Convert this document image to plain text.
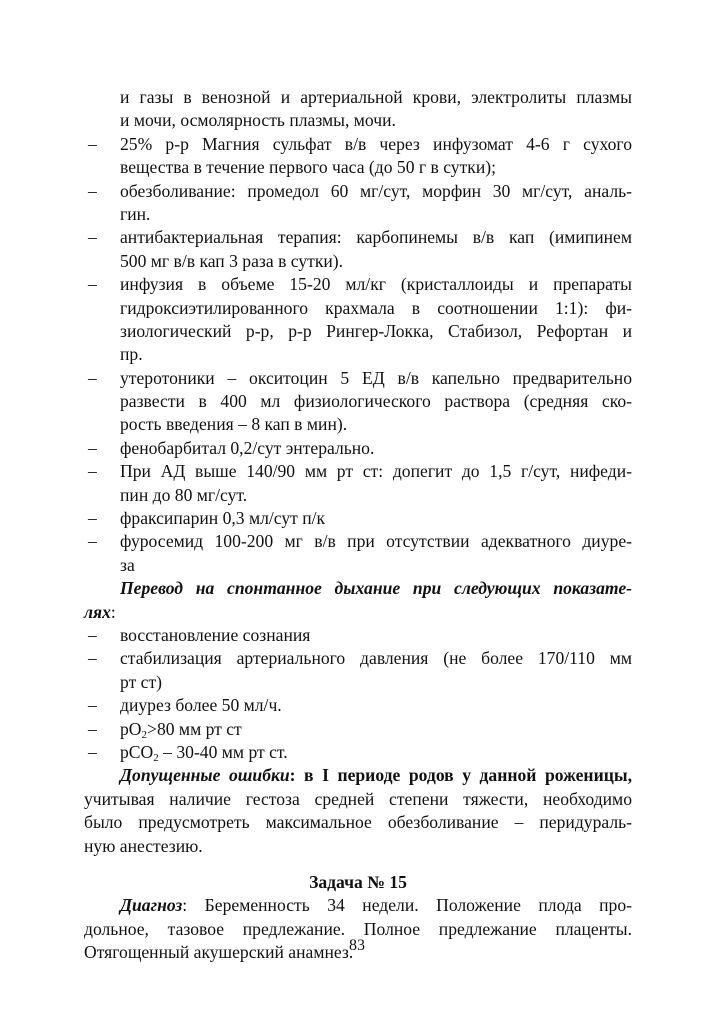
и газы в венозной и артериальной крови, электролиты плазмы
и мочи, осмолярность плазмы, мочи.
– 25% р-р Магния сульфат в/в через инфузомат 4-6 г сухого
вещества в течение первого часа (до 50 г в сутки);
– обезболивание: промедол 60 мг/сут, морфин 30 мг/сут, аналь-
гин.
– антибактериальная терапия: карбопинемы в/в кап (имипинем
500 мг в/в кап 3 раза в сутки).
– инфузия в объеме 15-20 мл/кг (кристаллоиды и препараты
гидроксиэтилированного крахмала в соотношении 1:1): фи-
зиологический р-р, р-р Рингер-Локка, Стабизол, Рефортан и
пр.
– утеротоники – окситоцин 5 ЕД в/в капельно предварительно
развести в 400 мл физиологического раствора (средняя ско-
рость введения – 8 кап в мин).
– фенобарбитал 0,2/сут энтерально.
– При АД выше 140/90 мм рт ст: допегит до 1,5 г/сут, нифеди-
пин до 80 мг/сут.
– фраксипарин 0,3 мл/сут п/к
– фуросемид 100-200 мг в/в при отсутствии адекватного диуре-
за
Перевод на спонтанное дыхание при следующих показате-
лях:
– восстановление сознания
– стабилизация артериального давления (не более 170/110 мм
рт ст)
– диурез более 50 мл/ч.
– $pO_2>80$ мм рт ст
– pCO$_2$ – 30-40 мм рт ст.
Допущенные ошибки: в I периоде родов у данной роженицы,
учитывая наличие гестоза средней степени тяжести, необходимо
было предусмотреть максимальное обезболивание – перидураль-
ную анестезию.
Задача № 15
Диагноз: Беременность 34 недели. Положение плода про-
дольное, тазовое предлежание. Полное предлежание плаценты.
Отягощенный акушерский анамнез.
83
